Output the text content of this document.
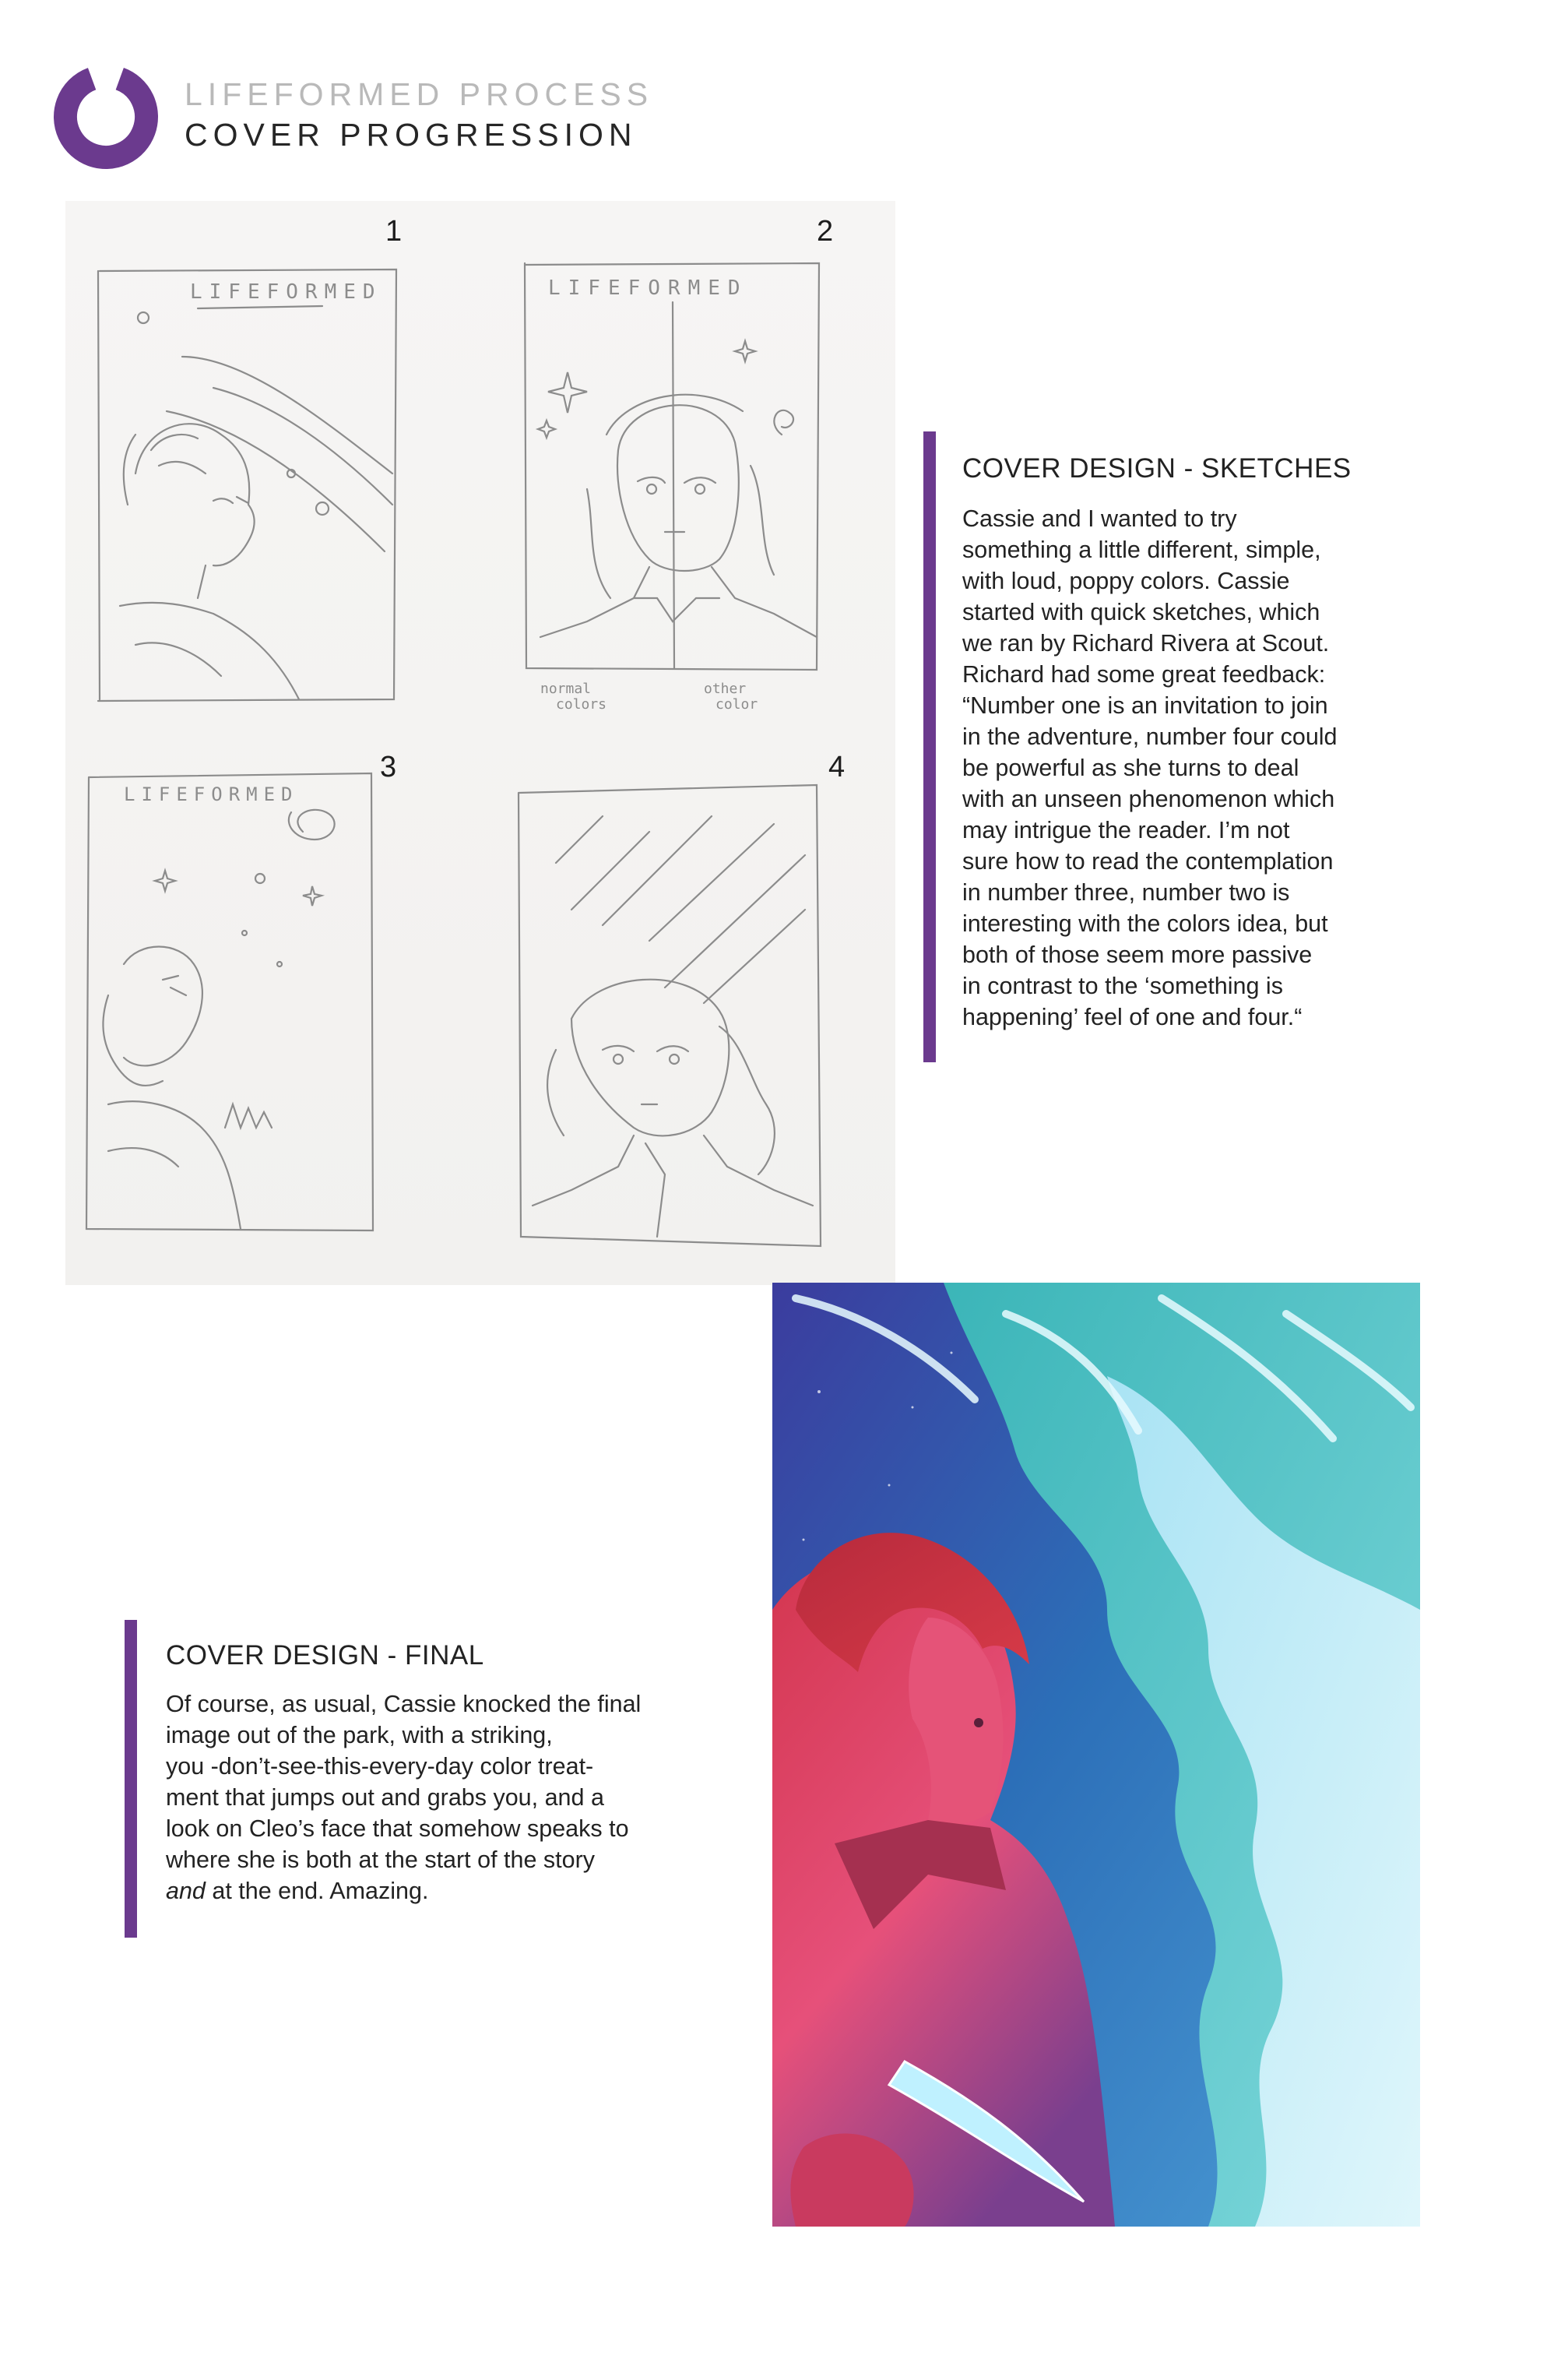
LIFEFORMED PROCESS
COVER PROGRESSION
LIFEFORMED
1
LIFEFORMED
normal
colors
other
color
2
LIFEFORMED
3	4
COVER DESIGN - SKETCHES
Cassie and I wanted to try
something a little different, simple,
with loud, poppy colors. Cassie
started with quick sketches, which
we ran by Richard Rivera at Scout.
Richard had some great feedback:
“Number one is an invitation to join
in the adventure, number four could
be powerful as she turns to deal
with an unseen phenomenon which
may intrigue the reader. I’m not
sure how to read the contemplation
in number three, number two is
interesting with the colors idea, but
both of those seem more passive
in contrast to the ‘something is
happening’ feel of one and four.“
COVER DESIGN - FINAL
Of course, as usual, Cassie knocked the final
image out of the park, with a striking,
you -don’t-see-this-every-day color treat-
ment that jumps out and grabs you, and a
look on Cleo’s face that somehow speaks to
where she is both at the start of the story
and at the end. Amazing.
